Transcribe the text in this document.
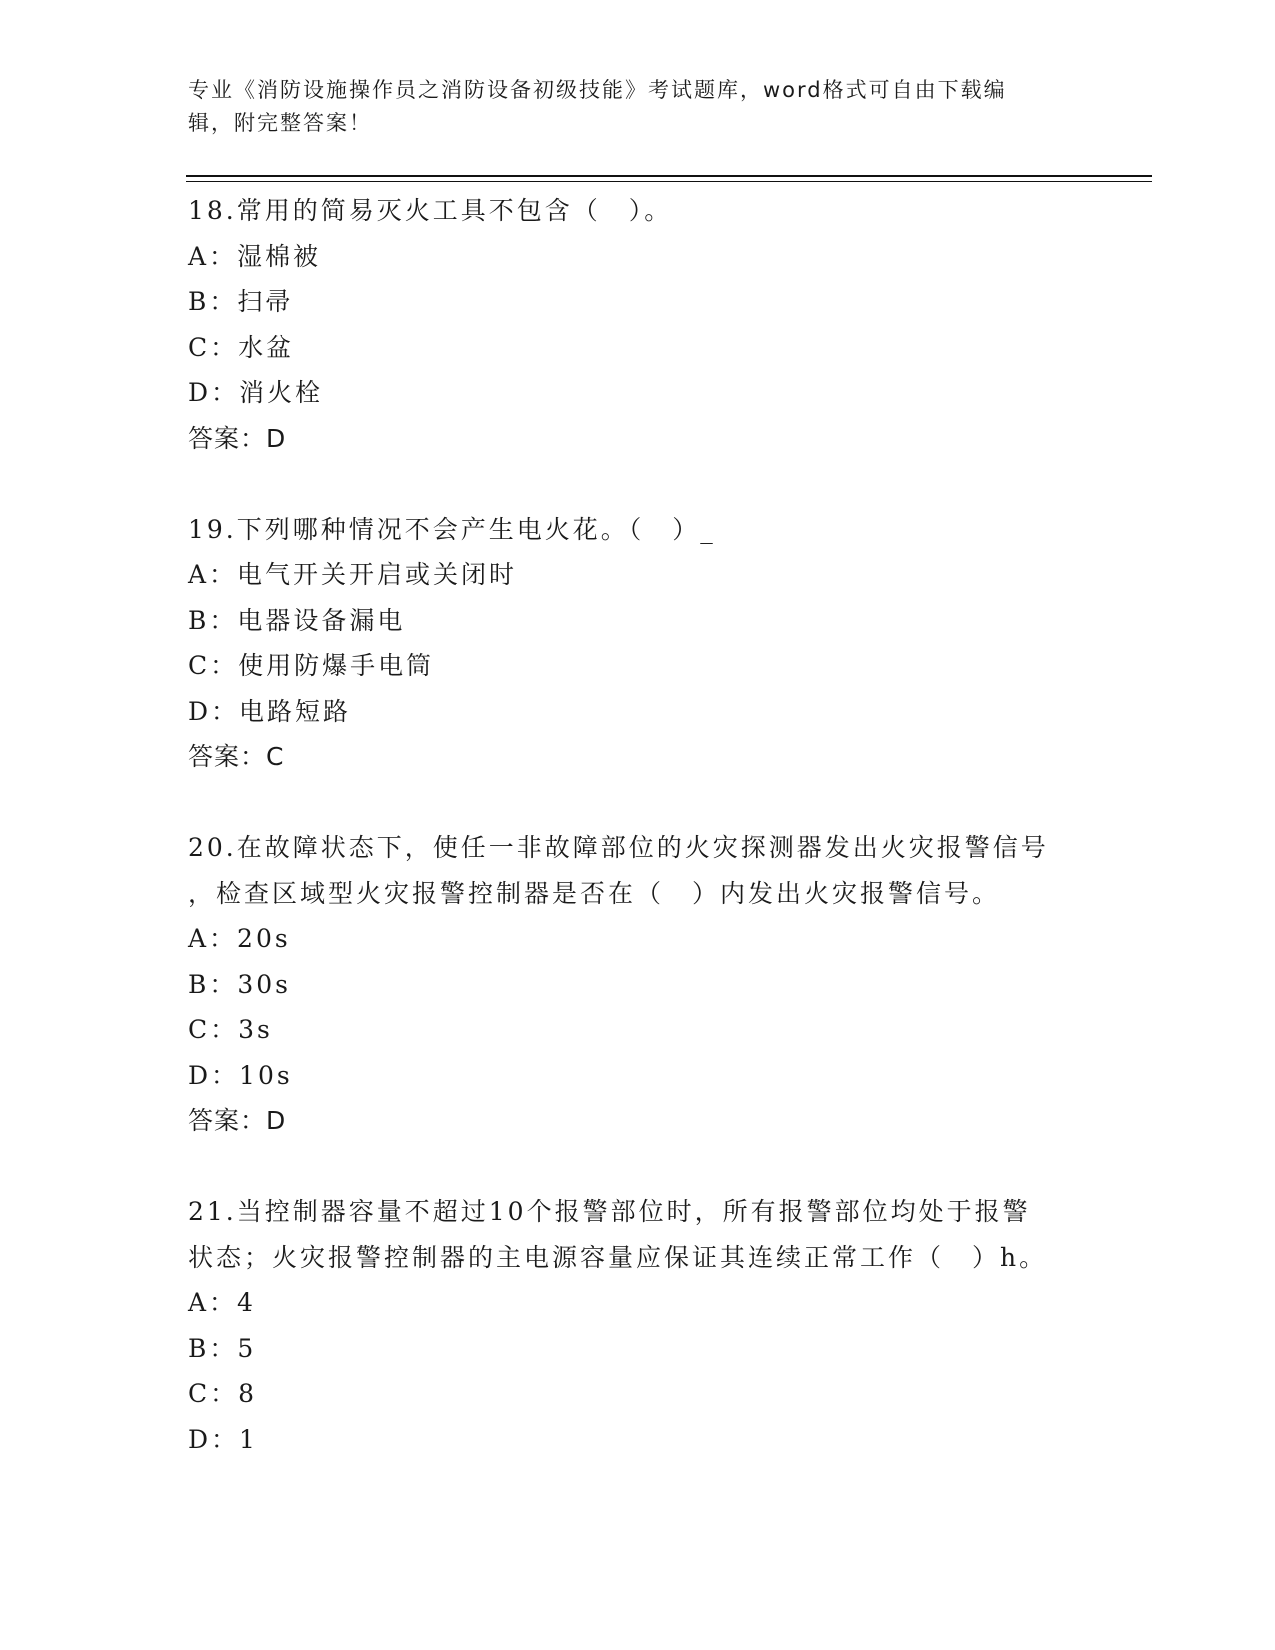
专业《消防设施操作员之消防设备初级技能》考试题库，word格式可自由下载编
辑，附完整答案！
18.常用的简易灭火工具不包含（　）。
A：湿棉被
B：扫帚
C：水盆
D：消火栓
答案：D
19.下列哪种情况不会产生电火花。（　）_
A：电气开关开启或关闭时
B：电器设备漏电
C：使用防爆手电筒
D：电路短路
答案：C
20.在故障状态下，使任一非故障部位的火灾探测器发出火灾报警信号
，检查区域型火灾报警控制器是否在（　）内发出火灾报警信号。
A：20s
B：30s
C：3s
D：10s
答案：D
21.当控制器容量不超过10个报警部位时，所有报警部位均处于报警
状态；火灾报警控制器的主电源容量应保证其连续正常工作（　）h。
A：4
B：5
C：8
D：1
